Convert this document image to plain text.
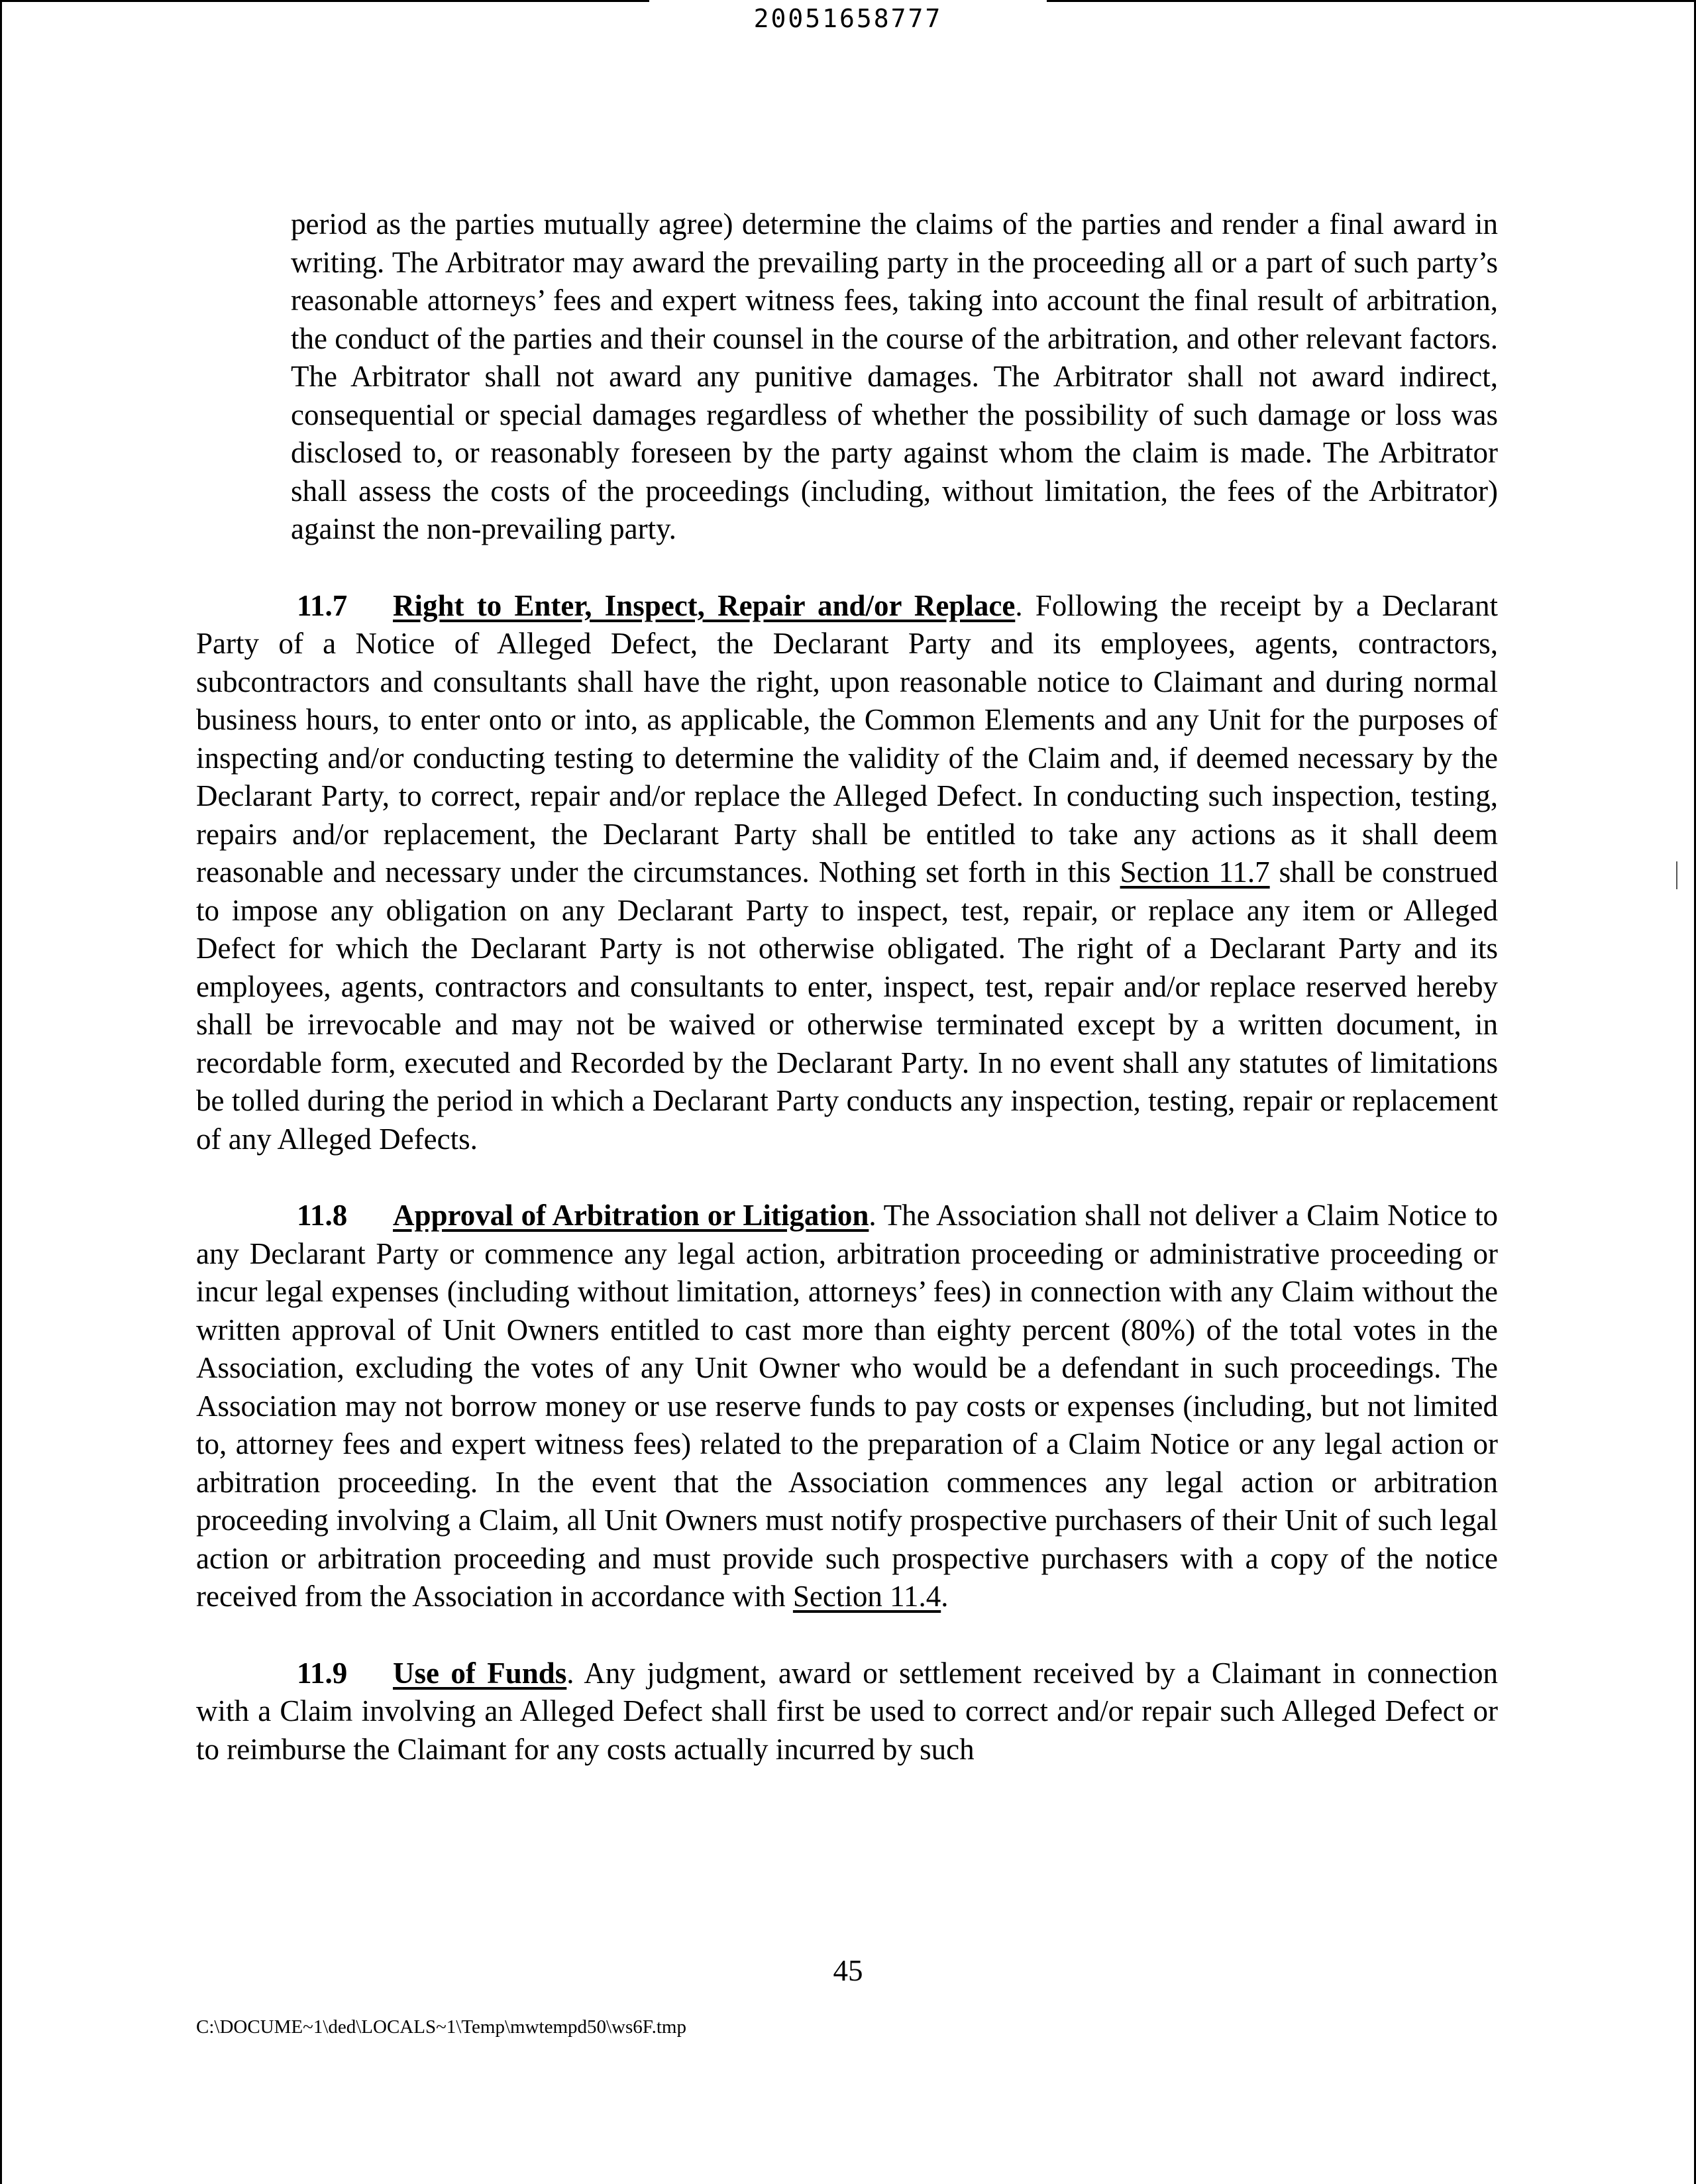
20051658777
period as the parties mutually agree) determine the claims of the parties and render a final award in writing. The Arbitrator may award the prevailing party in the proceeding all or a part of such party’s reasonable attorneys’ fees and expert witness fees, taking into account the final result of arbitration, the conduct of the parties and their counsel in the course of the arbitration, and other relevant factors. The Arbitrator shall not award any punitive damages. The Arbitrator shall not award indirect, consequential or special damages regardless of whether the possibility of such damage or loss was disclosed to, or reasonably foreseen by the party against whom the claim is made. The Arbitrator shall assess the costs of the proceedings (including, without limitation, the fees of the Arbitrator) against the non-prevailing party.
11.7 Right to Enter, Inspect, Repair and/or Replace. Following the receipt by a Declarant Party of a Notice of Alleged Defect, the Declarant Party and its employees, agents, contractors, subcontractors and consultants shall have the right, upon reasonable notice to Claimant and during normal business hours, to enter onto or into, as applicable, the Common Elements and any Unit for the purposes of inspecting and/or conducting testing to determine the validity of the Claim and, if deemed necessary by the Declarant Party, to correct, repair and/or replace the Alleged Defect. In conducting such inspection, testing, repairs and/or replacement, the Declarant Party shall be entitled to take any actions as it shall deem reasonable and necessary under the circumstances. Nothing set forth in this Section 11.7 shall be construed to impose any obligation on any Declarant Party to inspect, test, repair, or replace any item or Alleged Defect for which the Declarant Party is not otherwise obligated. The right of a Declarant Party and its employees, agents, contractors and consultants to enter, inspect, test, repair and/or replace reserved hereby shall be irrevocable and may not be waived or otherwise terminated except by a written document, in recordable form, executed and Recorded by the Declarant Party. In no event shall any statutes of limitations be tolled during the period in which a Declarant Party conducts any inspection, testing, repair or replacement of any Alleged Defects.
11.8 Approval of Arbitration or Litigation. The Association shall not deliver a Claim Notice to any Declarant Party or commence any legal action, arbitration proceeding or administrative proceeding or incur legal expenses (including without limitation, attorneys’ fees) in connection with any Claim without the written approval of Unit Owners entitled to cast more than eighty percent (80%) of the total votes in the Association, excluding the votes of any Unit Owner who would be a defendant in such proceedings. The Association may not borrow money or use reserve funds to pay costs or expenses (including, but not limited to, attorney fees and expert witness fees) related to the preparation of a Claim Notice or any legal action or arbitration proceeding. In the event that the Association commences any legal action or arbitration proceeding involving a Claim, all Unit Owners must notify prospective purchasers of their Unit of such legal action or arbitration proceeding and must provide such prospective purchasers with a copy of the notice received from the Association in accordance with Section 11.4.
11.9 Use of Funds. Any judgment, award or settlement received by a Claimant in connection with a Claim involving an Alleged Defect shall first be used to correct and/or repair such Alleged Defect or to reimburse the Claimant for any costs actually incurred by such
45
C:\DOCUME~1\ded\LOCALS~1\Temp\mwtempd50\ws6F.tmp
